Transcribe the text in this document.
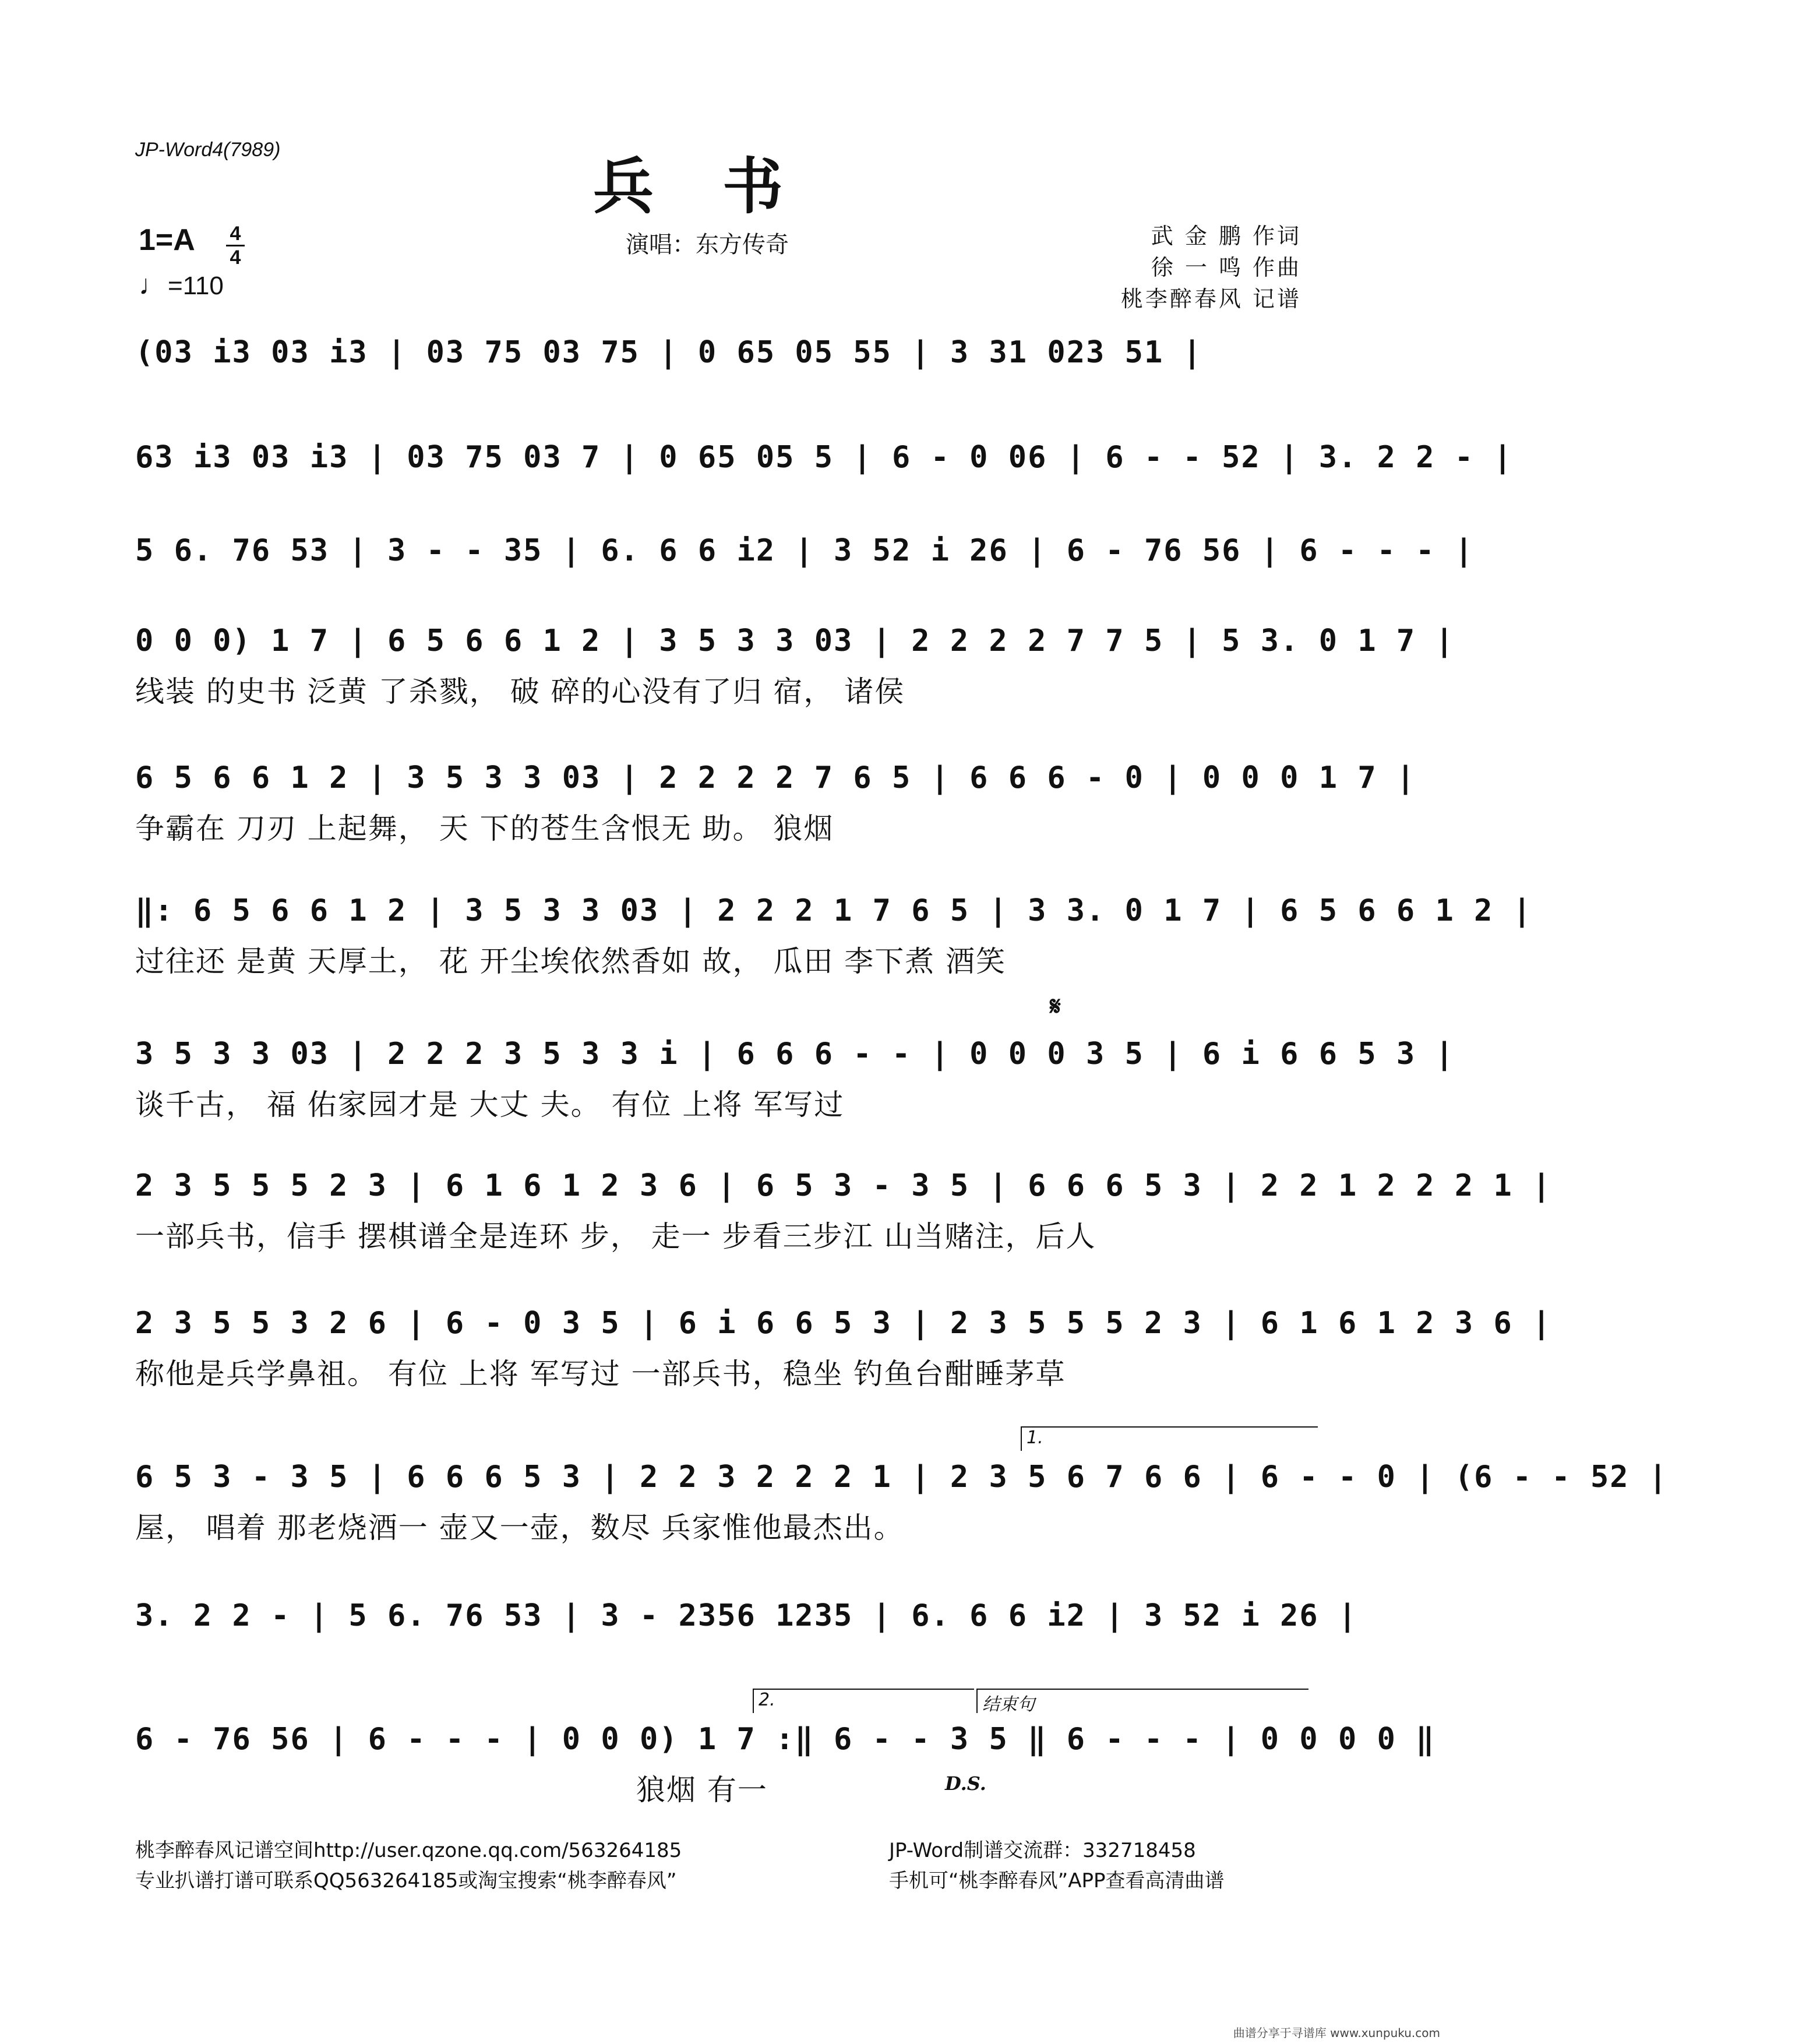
JP-Word4(7989)
兵书
1=A	4
4
♩=110
演唱：东方传奇	武 金 鹏 作词
徐 一 鸣 作曲
桃李醉春风 记谱
(03 i3 03 i3 | 03 75 03 75 | 0 65 05 55 | 3 31 023 51 |
63 i3 03 i3 | 03 75 03 7 | 0 65 05 5 | 6 - 0 06 | 6 - - 52 | 3. 2 2 - |
5 6. 76 53 | 3 - - 35 | 6. 6 6 i2 | 3 52 i 26 | 6 - 76 56 | 6 - - - |
0 0 0) 1 7 | 6 5 6 6 1 2 | 3 5 3 3 03 | 2 2 2 2 7 7 5 | 5 3. 0 1 7 |
线装 的史书 泛黄 了杀戮， 破 碎的心没有了归 宿， 诸侯
6 5 6 6 1 2 | 3 5 3 3 03 | 2 2 2 2 7 6 5 | 6 6 6 - 0 | 0 0 0 1 7 |
争霸在 刀刃 上起舞， 天 下的苍生含恨无 助。 狼烟
‖: 6 5 6 6 1 2 | 3 5 3 3 03 | 2 2 2 1 7 6 5 | 3 3. 0 1 7 | 6 5 6 6 1 2 |
过往还 是黄 天厚土， 花 开尘埃依然香如 故， 瓜田 李下煮 酒笑
𝄋
3 5 3 3 03 | 2 2 2 3 5 3 3 i | 6 6 6 - - | 0 0 0 3 5 | 6 i 6 6 5 3 |
谈千古， 福 佑家园才是 大丈 夫。 有位 上将 军写过
2 3 5 5 5 2 3 | 6 1 6 1 2 3 6 | 6 5 3 - 3 5 | 6 6 6 5 3 | 2 2 1 2 2 2 1 |
一部兵书，信手 摆棋谱全是连环 步， 走一 步看三步江 山当赌注，后人
2 3 5 5 3 2 6 | 6 - 0 3 5 | 6 i 6 6 5 3 | 2 3 5 5 5 2 3 | 6 1 6 1 2 3 6 |
称他是兵学鼻祖。 有位 上将 军写过 一部兵书，稳坐 钓鱼台酣睡茅草
1.
6 5 3 - 3 5 | 6 6 6 5 3 | 2 2 3 2 2 2 1 | 2 3 5 6 7 6 6 | 6 - - 0 | (6 - - 52 |
屋， 唱着 那老烧酒一 壶又一壶，数尽 兵家惟他最杰出。
3. 2 2 - | 5 6. 76 53 | 3 - 2356 1235 | 6. 6 6 i2 | 3 52 i 26 |
2.	结束句
6 - 76 56 | 6 - - - | 0 0 0) 1 7 :‖ 6 - - 3 5 ‖ 6 - - - | 0 0 0 0 ‖
狼烟 有一	D.S.
桃李醉春风记谱空间http://user.qzone.qq.com/563264185
专业扒谱打谱可联系QQ563264185或淘宝搜索“桃李醉春风”
JP-Word制谱交流群：332718458
手机可“桃李醉春风”APP查看高清曲谱
曲谱分享于寻谱库 www.xunpuku.com
